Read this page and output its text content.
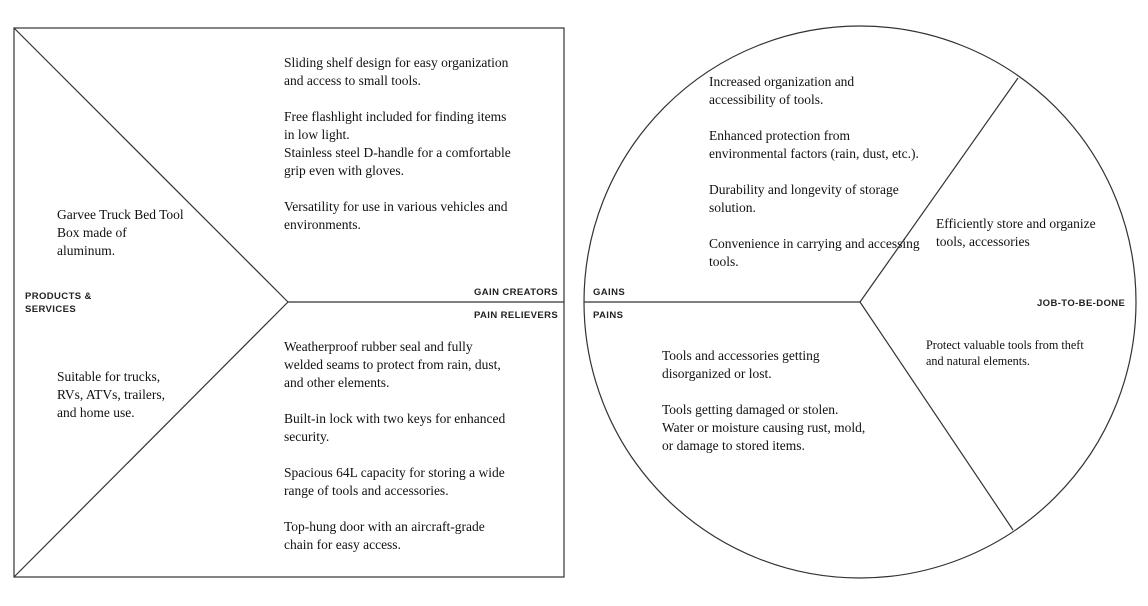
PRODUCTS & SERVICES
GAIN CREATORS
PAIN RELIEVERS
GAINS
PAINS
JOB-TO-BE-DONE
Garvee Truck Bed Tool Box made of aluminum.
Suitable for trucks, RVs, ATVs, trailers, and home use.

Sliding shelf design for easy organization and access to small tools.

Free flashlight included for finding items in low light.
Stainless steel D-handle for a comfortable grip even with gloves.

Versatility for use in various vehicles and environments.

Weatherproof rubber seal and fully welded seams to protect from rain, dust, and other elements.

Built-in lock with two keys for enhanced security.

Spacious 64L capacity for storing a wide range of tools and accessories.

Top-hung door with an aircraft-grade chain for easy access.

Increased organization and accessibility of tools.

Enhanced protection from environmental factors (rain, dust, etc.).

Durability and longevity of storage solution.

Convenience in carrying and accessing tools.

Tools and accessories getting disorganized or lost.

Tools getting damaged or stolen.
Water or moisture causing rust, mold, or damage to stored items.

Efficiently store and organize tools, accessories
Protect valuable tools from theft and natural elements.
